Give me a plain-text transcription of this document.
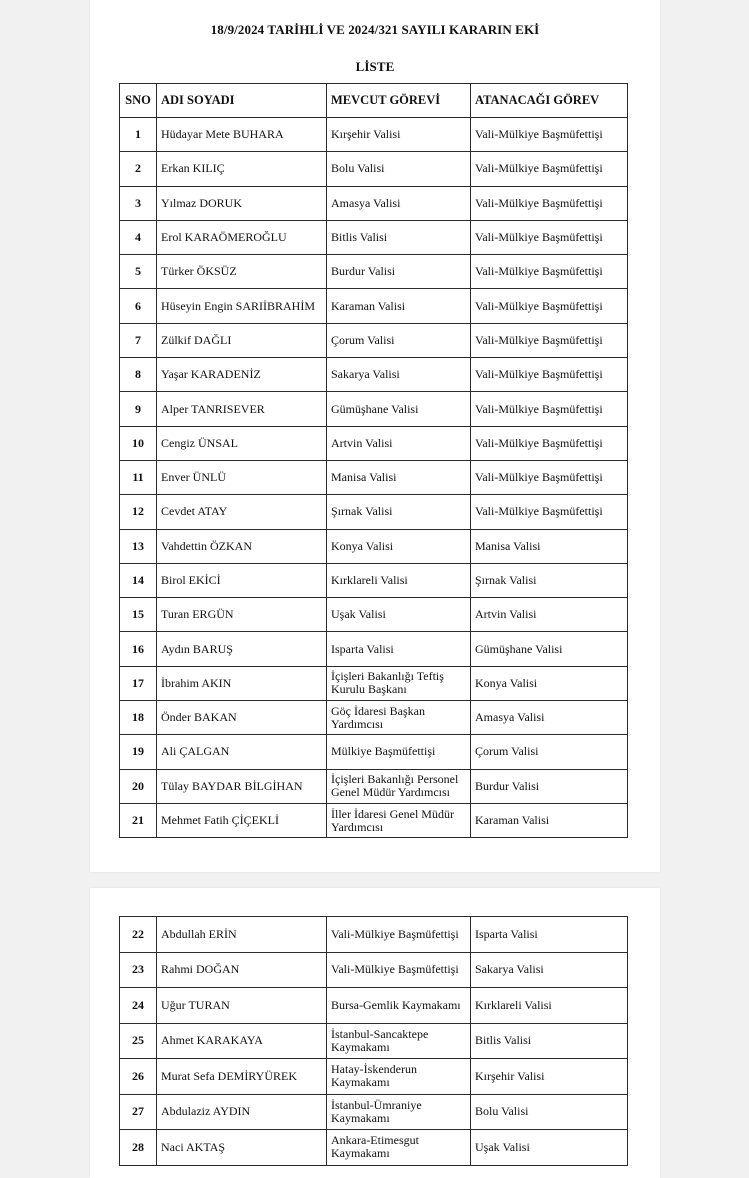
18/9/2024 TARİHLİ VE 2024/321 SAYILI KARARIN EKİ
LİSTE
SNO	ADI SOYADI	MEVCUT GÖREVİ	ATANACAĞI GÖREV
1	Hüdayar Mete BUHARA	Kırşehir Valisi	Vali-Mülkiye Başmüfettişi
2	Erkan KILIÇ	Bolu Valisi	Vali-Mülkiye Başmüfettişi
3	Yılmaz DORUK	Amasya Valisi	Vali-Mülkiye Başmüfettişi
4	Erol KARAÖMEROĞLU	Bitlis Valisi	Vali-Mülkiye Başmüfettişi
5	Türker ÖKSÜZ	Burdur Valisi	Vali-Mülkiye Başmüfettişi
6	Hüseyin Engin SARIİBRAHİM	Karaman Valisi	Vali-Mülkiye Başmüfettişi
7	Zülkif DAĞLI	Çorum Valisi	Vali-Mülkiye Başmüfettişi
8	Yaşar KARADENİZ	Sakarya Valisi	Vali-Mülkiye Başmüfettişi
9	Alper TANRISEVER	Gümüşhane Valisi	Vali-Mülkiye Başmüfettişi
10	Cengiz ÜNSAL	Artvin Valisi	Vali-Mülkiye Başmüfettişi
11	Enver ÜNLÜ	Manisa Valisi	Vali-Mülkiye Başmüfettişi
12	Cevdet ATAY	Şırnak Valisi	Vali-Mülkiye Başmüfettişi
13	Vahdettin ÖZKAN	Konya Valisi	Manisa Valisi
14	Birol EKİCİ	Kırklareli Valisi	Şırnak Valisi
15	Turan ERGÜN	Uşak Valisi	Artvin Valisi
16	Aydın BARUŞ	Isparta Valisi	Gümüşhane Valisi
17	İbrahim AKIN	İçişleri Bakanlığı Teftiş Kurulu Başkanı	Konya Valisi
18	Önder BAKAN	Göç İdaresi Başkan Yardımcısı	Amasya Valisi
19	Ali ÇALGAN	Mülkiye Başmüfettişi	Çorum Valisi
20	Tülay BAYDAR BİLGİHAN	İçişleri Bakanlığı Personel Genel Müdür Yardımcısı	Burdur Valisi
21	Mehmet Fatih ÇİÇEKLİ	İller İdaresi Genel Müdür Yardımcısı	Karaman Valisi
22	Abdullah ERİN	Vali-Mülkiye Başmüfettişi	Isparta Valisi
23	Rahmi DOĞAN	Vali-Mülkiye Başmüfettişi	Sakarya Valisi
24	Uğur TURAN	Bursa-Gemlik Kaymakamı	Kırklareli Valisi
25	Ahmet KARAKAYA	İstanbul-Sancaktepe Kaymakamı	Bitlis Valisi
26	Murat Sefa DEMİRYÜREK	Hatay-İskenderun Kaymakamı	Kırşehir Valisi
27	Abdulaziz AYDIN	İstanbul-Ümraniye Kaymakamı	Bolu Valisi
28	Naci AKTAŞ	Ankara-Etimesgut Kaymakamı	Uşak Valisi
